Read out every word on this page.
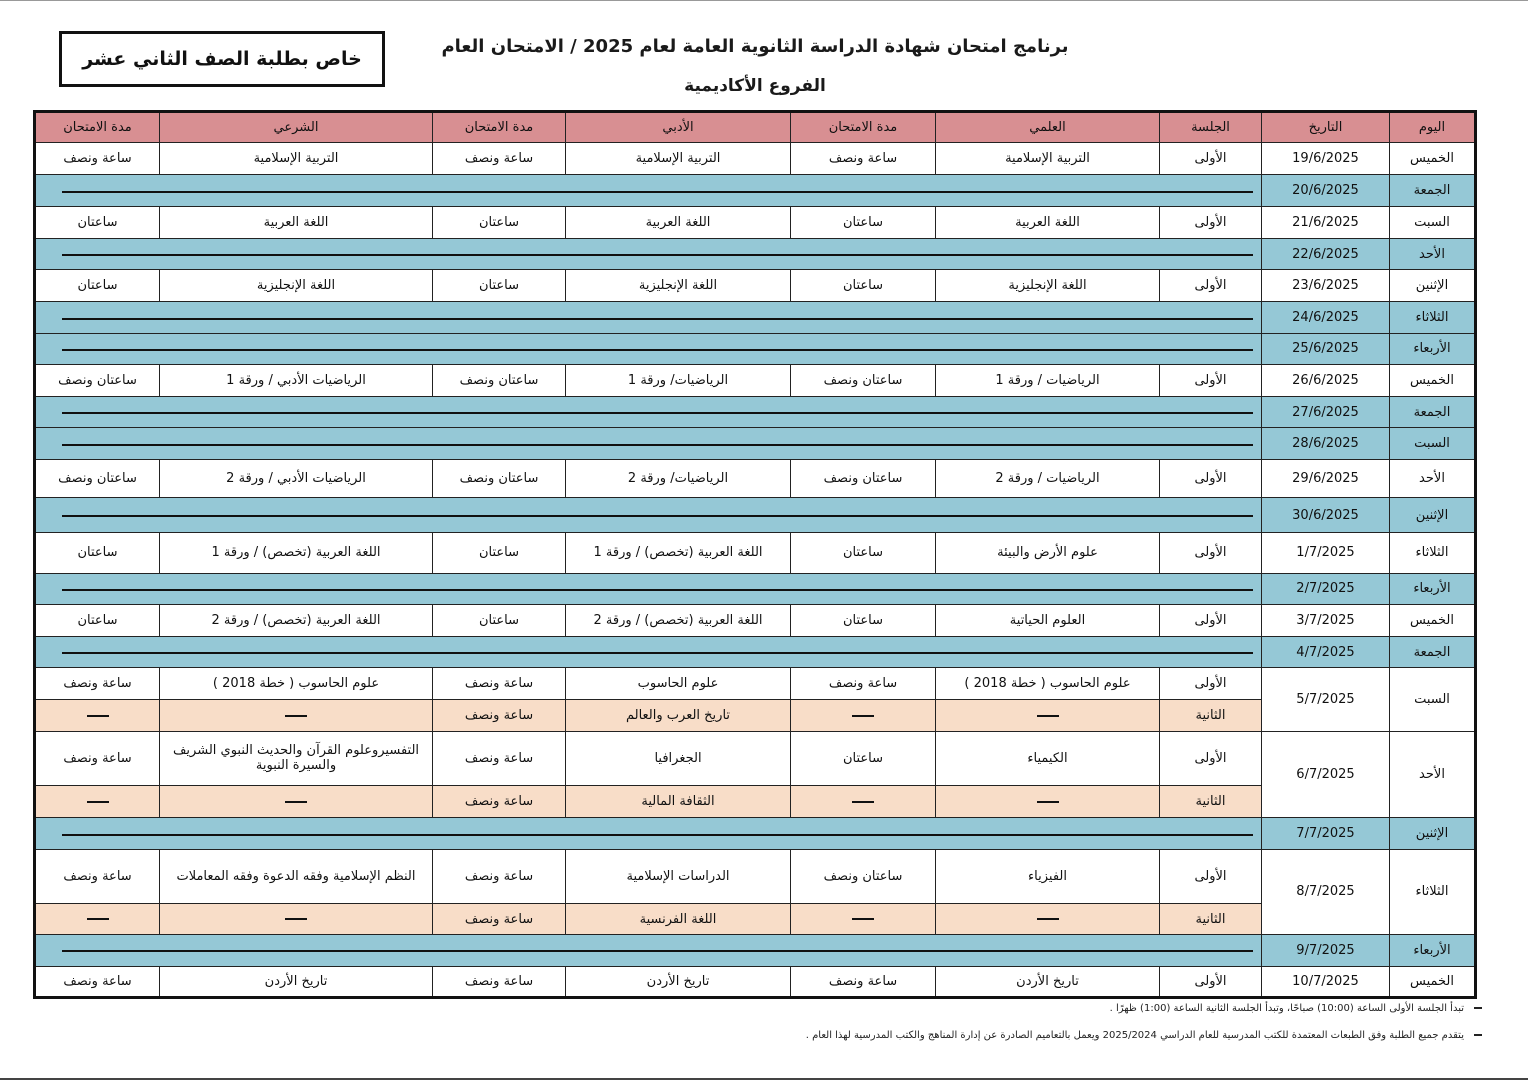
برنامج امتحان شهادة الدراسة الثانوية العامة لعام 2025 / الامتحان العام
الفروع الأكاديمية
خاص بطلبة الصف الثاني عشر
اليوم	التاريخ	الجلسة	العلمي	مدة الامتحان	الأدبي	مدة الامتحان	الشرعي	مدة الامتحان
الخميس	19/6/2025	الأولى	التربية الإسلامية	ساعة ونصف	التربية الإسلامية	ساعة ونصف	التربية الإسلامية	ساعة ونصف
الجمعة	20/6/2025							
السبت	21/6/2025	الأولى	اللغة العربية	ساعتان	اللغة العربية	ساعتان	اللغة العربية	ساعتان
الأحد	22/6/2025							
الإثنين	23/6/2025	الأولى	اللغة الإنجليزية	ساعتان	اللغة الإنجليزية	ساعتان	اللغة الإنجليزية	ساعتان
الثلاثاء	24/6/2025							
الأربعاء	25/6/2025							
الخميس	26/6/2025	الأولى	الرياضيات / ورقة 1	ساعتان ونصف	الرياضيات/ ورقة 1	ساعتان ونصف	الرياضيات الأدبي / ورقة 1	ساعتان ونصف
الجمعة	27/6/2025							
السبت	28/6/2025							
الأحد	29/6/2025	الأولى	الرياضيات / ورقة 2	ساعتان ونصف	الرياضيات/ ورقة 2	ساعتان ونصف	الرياضيات الأدبي / ورقة 2	ساعتان ونصف
الإثنين	30/6/2025							
الثلاثاء	1/7/2025	الأولى	علوم الأرض والبيئة	ساعتان	اللغة العربية (تخصص) / ورقة 1	ساعتان	اللغة العربية (تخصص) / ورقة 1	ساعتان
الأربعاء	2/7/2025							
الخميس	3/7/2025	الأولى	العلوم الحياتية	ساعتان	اللغة العربية (تخصص) / ورقة 2	ساعتان	اللغة العربية (تخصص) / ورقة 2	ساعتان
الجمعة	4/7/2025							
السبت	5/7/2025	الأولى	علوم الحاسوب ( خطة 2018 )	ساعة ونصف	علوم الحاسوب	ساعة ونصف	علوم الحاسوب ( خطة 2018 )	ساعة ونصف
		الثانية			تاريخ العرب والعالم	ساعة ونصف		
الأحد	6/7/2025	الأولى	الكيمياء	ساعتان	الجغرافيا	ساعة ونصف	التفسيروعلوم القرآن والحديث النبوي الشريف والسيرة النبوية	ساعة ونصف
		الثانية			الثقافة المالية	ساعة ونصف		
الإثنين	7/7/2025							
الثلاثاء	8/7/2025	الأولى	الفيزياء	ساعتان ونصف	الدراسات الإسلامية	ساعة ونصف	النظم الإسلامية وفقه الدعوة وفقه المعاملات	ساعة ونصف
		الثانية			اللغة الفرنسية	ساعة ونصف		
الأربعاء	9/7/2025							
الخميس	10/7/2025	الأولى	تاريخ الأردن	ساعة ونصف	تاريخ الأردن	ساعة ونصف	تاريخ الأردن	ساعة ونصف
تبدأ الجلسة الأولى الساعة (10:00) صباحًا، وتبدأ الجلسة الثانية الساعة (1:00) ظهرًا .
يتقدم جميع الطلبة وفق الطبعات المعتمدة للكتب المدرسية للعام الدراسي 2025/2024 ويعمل بالتعاميم الصادرة عن إدارة المناهج والكتب المدرسية لهذا العام .
